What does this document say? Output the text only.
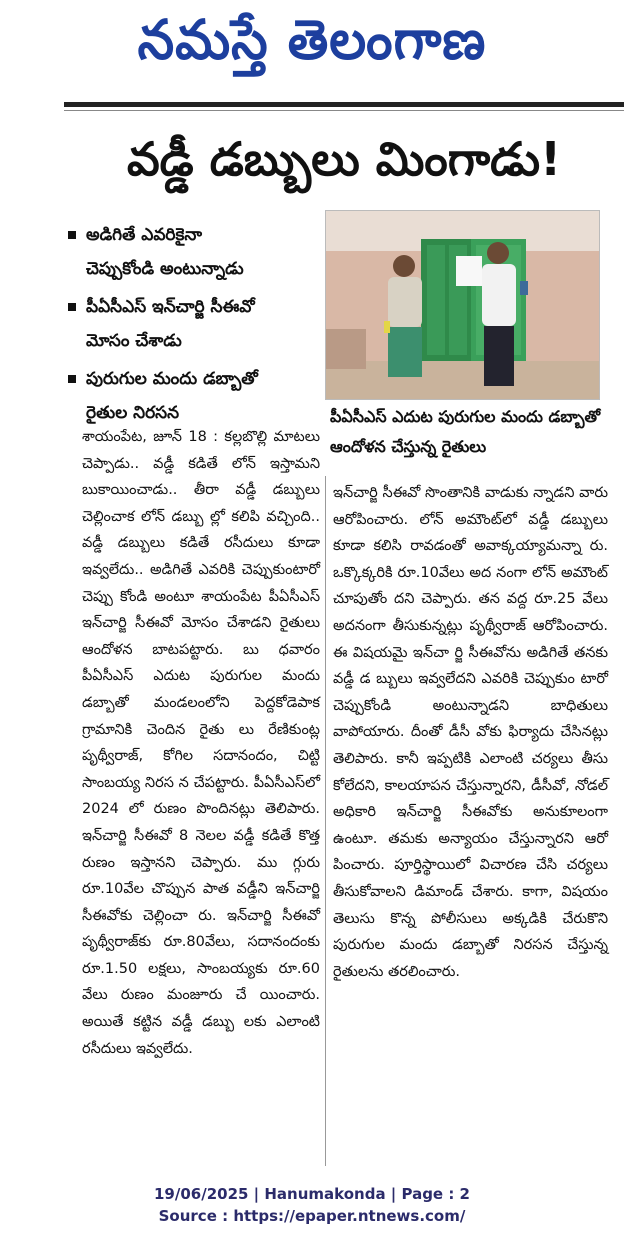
నమస్తే తెలంగాణ
వడ్డీ డబ్బులు మింగాడు!
అడిగితే ఎవరికైనా
చెప్పుకోండి అంటున్నాడు
పీఏసీఎస్ ఇన్‌చార్జి సీఈవో
మోసం చేశాడు
పురుగుల మందు డబ్బాతో
రైతుల నిరసన	పీఏసీఎస్ ఎదుట పురుగుల మందు డబ్బాతో ఆందోళన చేస్తున్న రైతులు

శాయంపేట, జూన్ 18 : కల్లబొల్లి మాటలు చెప్పాడు.. వడ్డీ కడితే లోన్ ఇస్తామని బుకాయించాడు.. తీరా వడ్డీ డబ్బులు చెల్లించాక లోన్ డబ్బు ల్లో కలిపి వచ్చింది.. వడ్డీ డబ్బులు కడితే రసీదులు కూడా ఇవ్వలేదు.. అడిగితే ఎవరికి చెప్పుకుంటారో చెప్పు కోండి అంటూ శాయంపేట పీఏసీఎస్ ఇన్‌చార్జి సీఈవో మోసం చేశాడని రైతులు ఆందోళన బాటపట్టారు. బు ధవారం పీఏసీఎస్ ఎదుట పురుగుల మందు డబ్బాతో మండలంలోని పెద్దకోడెపాక గ్రామానికి చెందిన రైతు లు రేణికుంట్ల పృథ్వీరాజ్, కోగిల సదానందం, చిట్టి సాంబయ్య నిరస న చేపట్టారు. పీఏసీఎస్‌లో 2024 లో రుణం పొందినట్లు తెలిపారు. ఇన్‌చార్జి సీఈవో 8 నెలల వడ్డీ కడితే కొత్త రుణం ఇస్తానని చెప్పారు. ము గ్గురు రూ.10వేల చొప్పున పాత వడ్డీని ఇన్‌చార్జి సీఈవోకు చెల్లించా రు. ఇన్‌చార్జి సీఈవో పృథ్వీరాజ్‌కు రూ.80వేలు, సదానందంకు రూ.1.50 లక్షలు, సాంబయ్యకు రూ.60 వేలు రుణం మంజూరు చే యించారు. అయితే కట్టిన వడ్డీ డబ్బు లకు ఎలాంటి రసీదులు ఇవ్వలేదు.

ఇన్‌చార్జి సీఈవో సొంతానికి వాడుకు న్నాడని వారు ఆరోపించారు. లోన్ అమౌంట్‌లో వడ్డీ డబ్బులు కూడా కలిసి రావడంతో అవాక్కయ్యామన్నా రు. ఒక్కొక్కరికి రూ.10వేలు అద నంగా లోన్ అమౌంట్ చూపుతోం దని చెప్పారు. తన వద్ద రూ.25 వేలు అదనంగా తీసుకున్నట్లు పృథ్వీరాజ్ ఆరోపించారు. ఈ విషయమై ఇన్‌చా ర్జి సీఈవోను అడిగితే తనకు వడ్డీ డ బ్బులు ఇవ్వలేదని ఎవరికి చెప్పుకుం టారో చెప్పుకోండి అంటున్నాడని బాధితులు వాపోయారు. దీంతో డీసీ వోకు ఫిర్యాదు చేసినట్లు తెలిపారు. కానీ ఇప్పటికి ఎలాంటి చర్యలు తీసు కోలేదని, కాలయాపన చేస్తున్నారని, డీసీవో, నోడల్ అధికారి ఇన్‌చార్జి సీఈవోకు అనుకూలంగా ఉంటూ. తమకు అన్యాయం చేస్తున్నారని ఆరో పించారు. పూర్తిస్థాయిలో విచారణ చేసి చర్యలు తీసుకోవాలని డిమాండ్ చేశారు. కాగా, విషయం తెలుసు కొన్న పోలీసులు అక్కడికి చేరుకొని పురుగుల మందు డబ్బాతో నిరసన చేస్తున్న రైతులను తరలించారు.

19/06/2025 | Hanumakonda | Page : 2
Source : https://epaper.ntnews.com/
